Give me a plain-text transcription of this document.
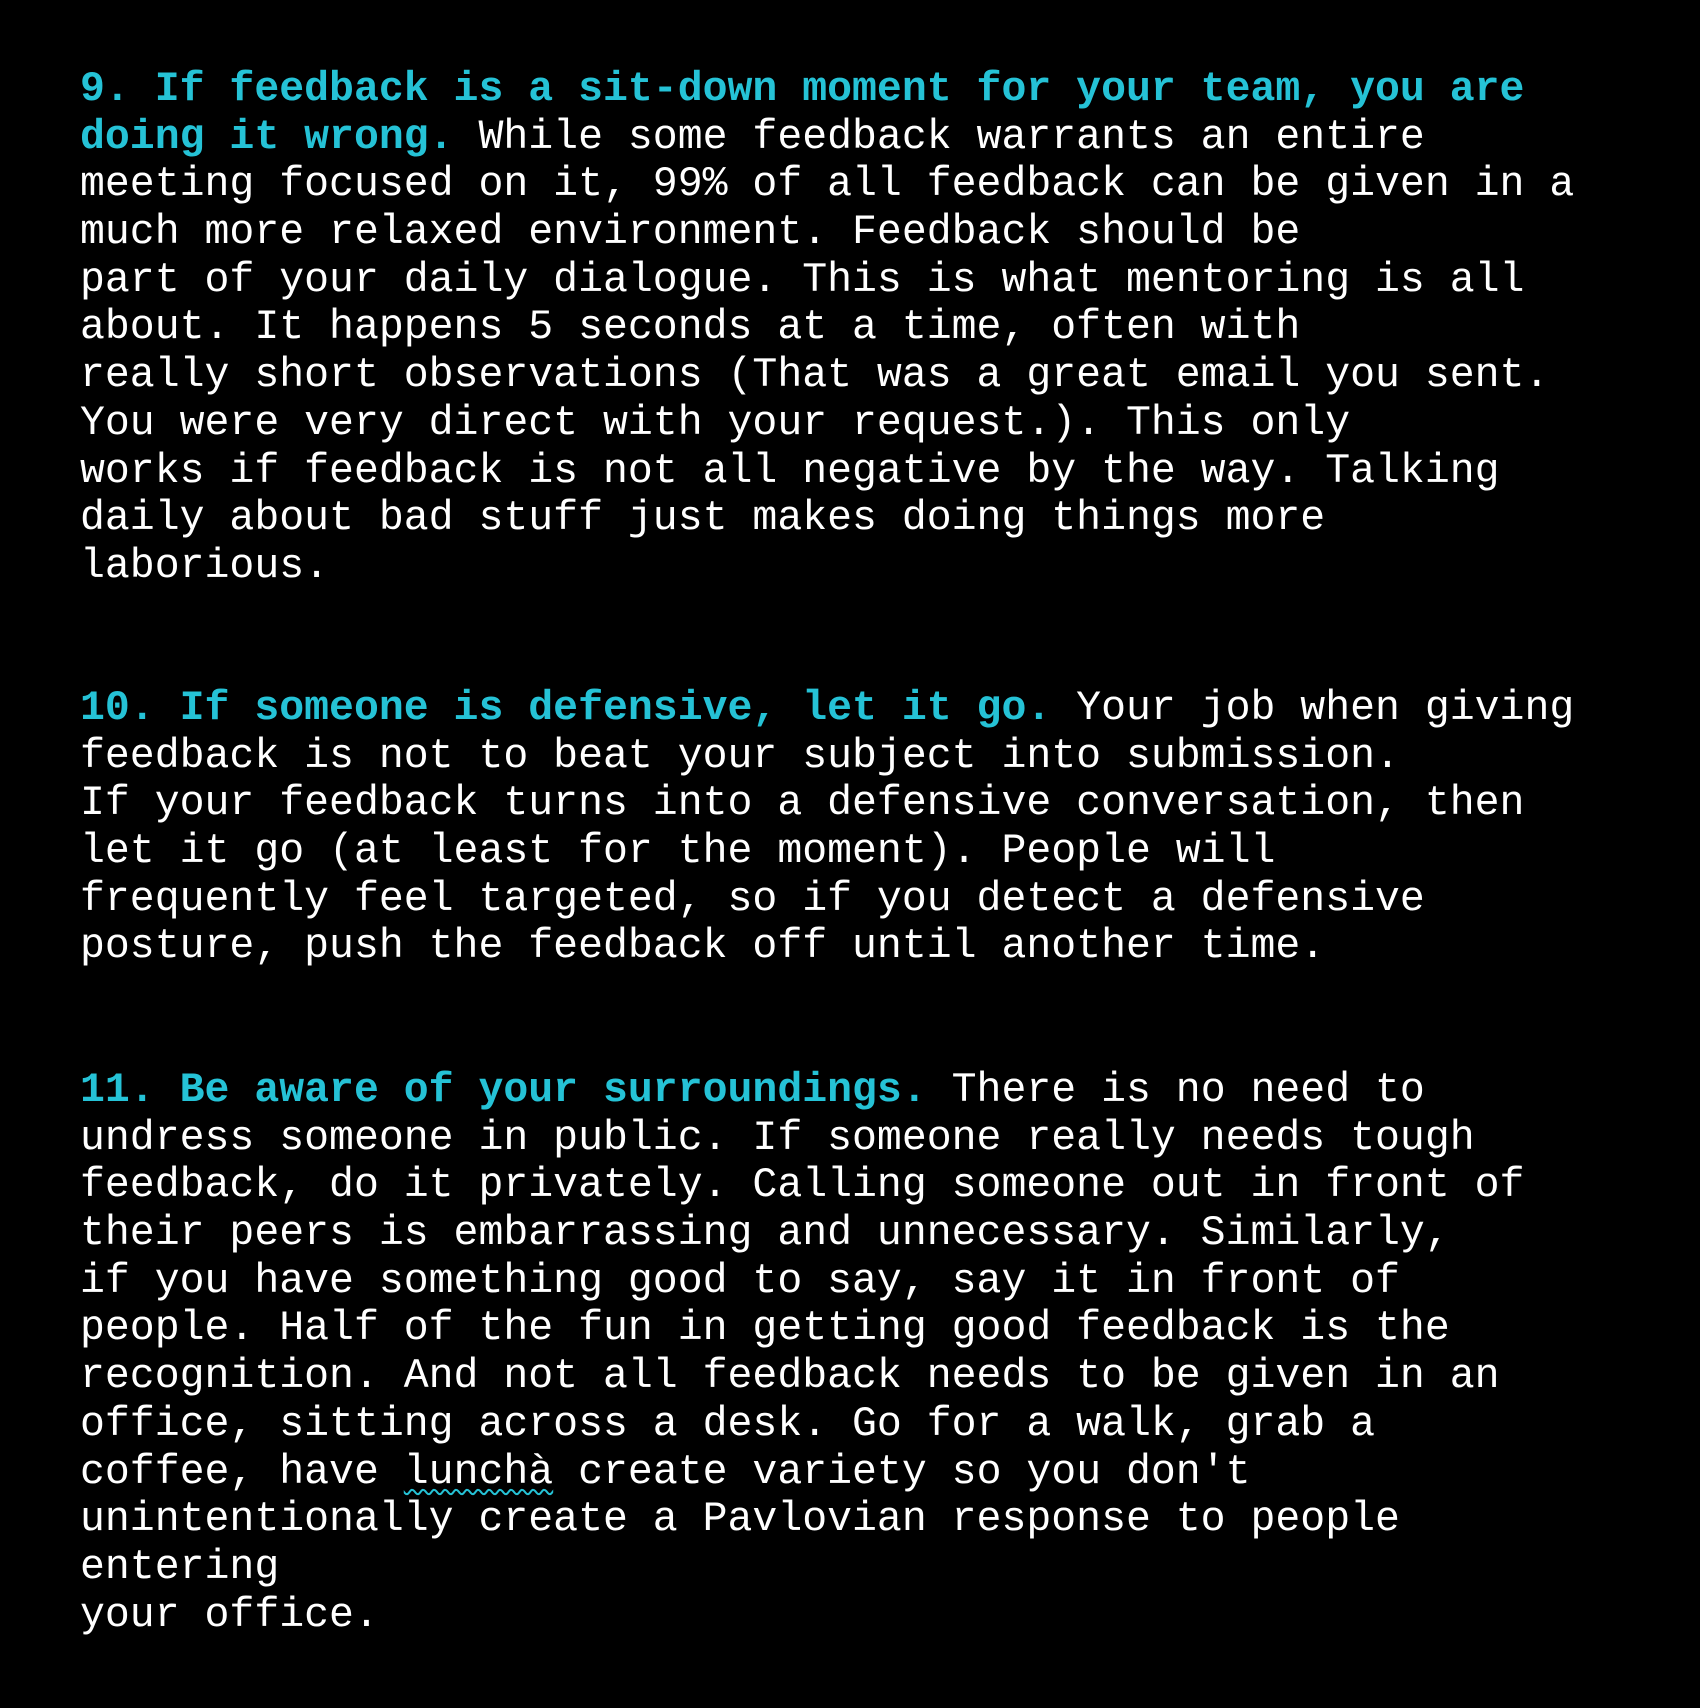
9. If feedback is a sit-down moment for your team, you are
doing it wrong. While some feedback warrants an entire
meeting focused on it, 99% of all feedback can be given in a
much more relaxed environment. Feedback should be
part of your daily dialogue. This is what mentoring is all
about. It happens 5 seconds at a time, often with
really short observations (That was a great email you sent.
You were very direct with your request.). This only
works if feedback is not all negative by the way. Talking
daily about bad stuff just makes doing things more
laborious.
10. If someone is defensive, let it go. Your job when giving
feedback is not to beat your subject into submission.
If your feedback turns into a defensive conversation, then
let it go (at least for the moment). People will
frequently feel targeted, so if you detect a defensive
posture, push the feedback off until another time.
11. Be aware of your surroundings. There is no need to
undress someone in public. If someone really needs tough
feedback, do it privately. Calling someone out in front of
their peers is embarrassing and unnecessary. Similarly,
if you have something good to say, say it in front of
people. Half of the fun in getting good feedback is the
recognition. And not all feedback needs to be given in an
office, sitting across a desk. Go for a walk, grab a
coffee, have lunchà create variety so you don't
unintentionally create a Pavlovian response to people
entering
your office.
